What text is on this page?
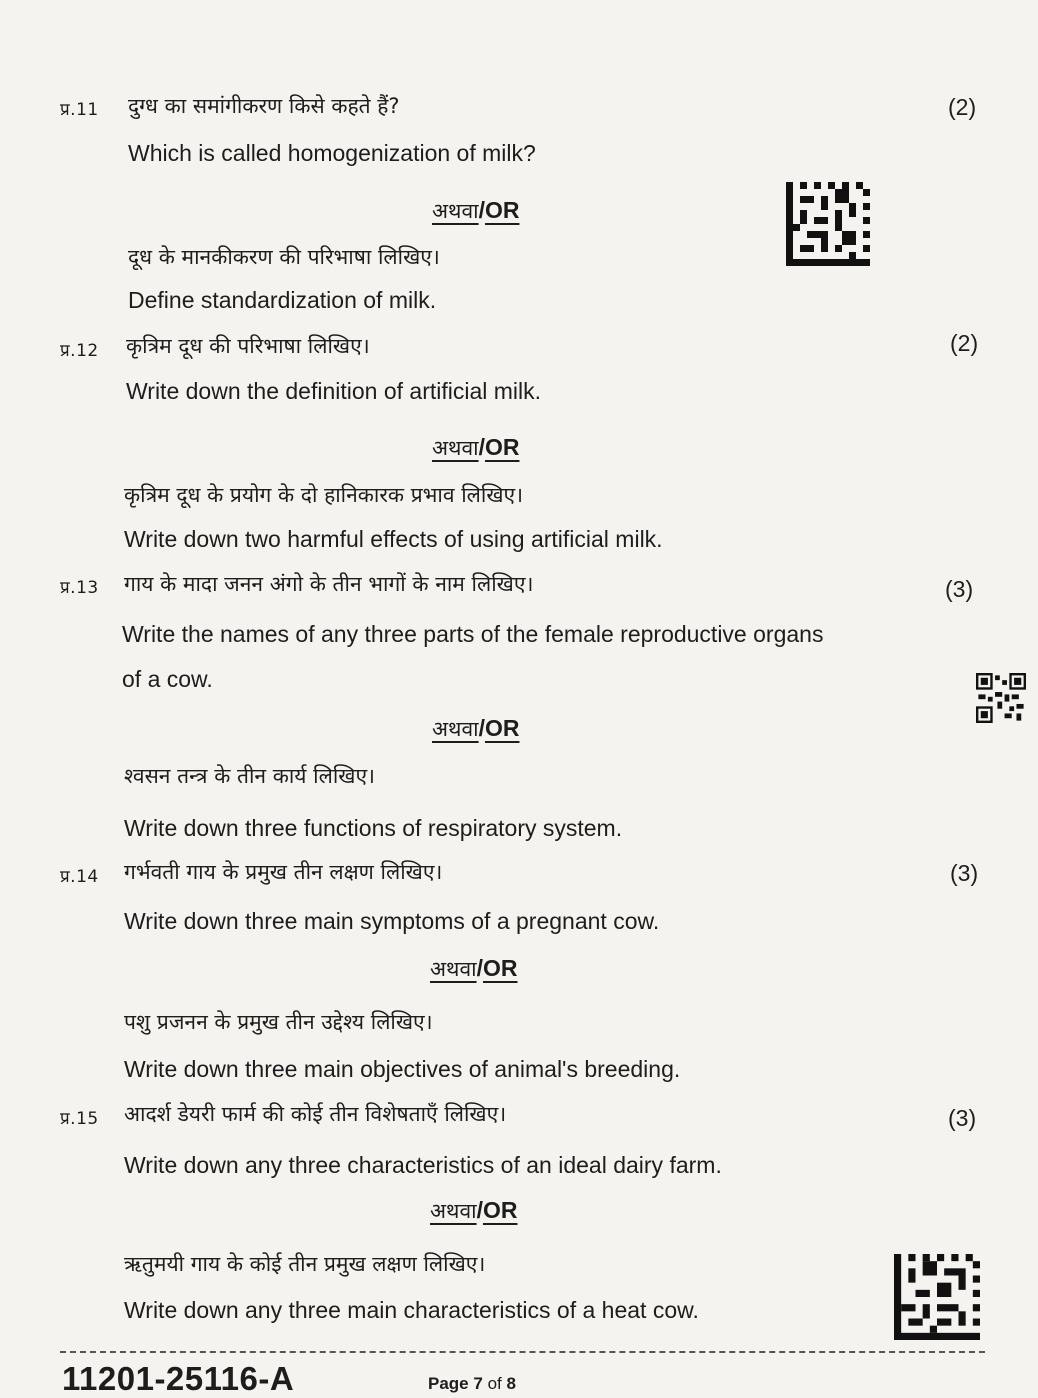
प्र.11 दुग्ध का समांगीकरण किसे कहते हैं?	(2)
Which is called homogenization of milk?
अथवा/OR
दूध के मानकीकरण की परिभाषा लिखिए।
Define standardization of milk.
प्र.12 कृत्रिम दूध की परिभाषा लिखिए।	(2)
Write down the definition of artificial milk.
अथवा/OR
कृत्रिम दूध के प्रयोग के दो हानिकारक प्रभाव लिखिए।
Write down two harmful effects of using artificial milk.
प्र.13 गाय के मादा जनन अंगो के तीन भागों के नाम लिखिए।	(3)
Write the names of any three parts of the female reproductive organs
of a cow.
अथवा/OR
श्वसन तन्त्र के तीन कार्य लिखिए।
Write down three functions of respiratory system.
प्र.14 गर्भवती गाय के प्रमुख तीन लक्षण लिखिए।	(3)
Write down three main symptoms of a pregnant cow.
अथवा/OR
पशु प्रजनन के प्रमुख तीन उद्देश्य लिखिए।
Write down three main objectives of animal's breeding.
प्र.15 आदर्श डेयरी फार्म की कोई तीन विशेषताएँ लिखिए।	(3)
Write down any three characteristics of an ideal dairy farm.
अथवा/OR
ऋतुमयी गाय के कोई तीन प्रमुख लक्षण लिखिए।
Write down any three main characteristics of a heat cow.
11201-25116-A	Page 7 of 8
